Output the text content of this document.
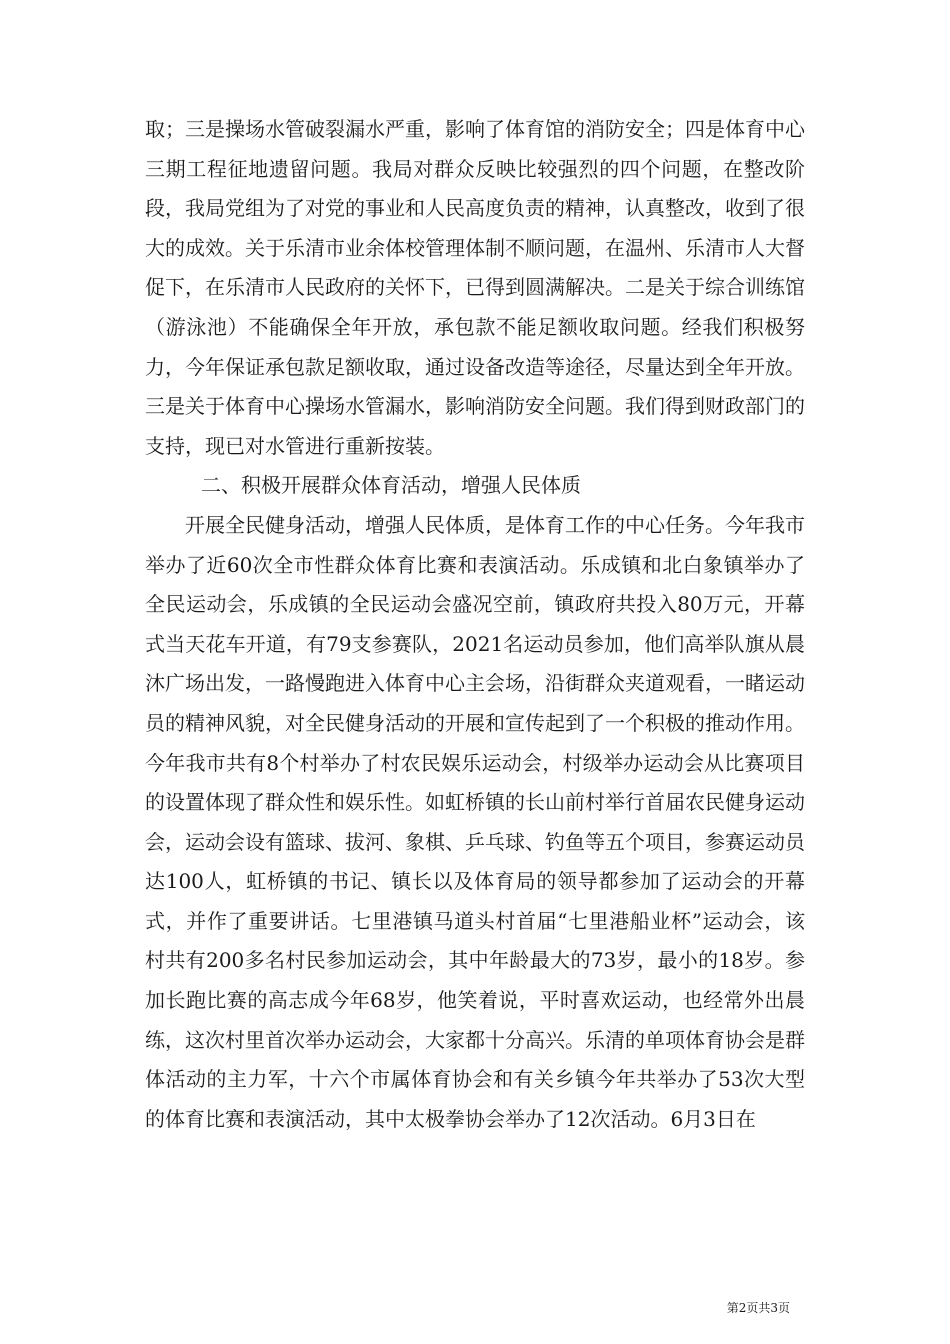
取；三是操场水管破裂漏水严重，影响了体育馆的消防安全；四是体育中心三期工程征地遗留问题。我局对群众反映比较强烈的四个问题，在整改阶段，我局党组为了对党的事业和人民高度负责的精神，认真整改，收到了很大的成效。关于乐清市业余体校管理体制不顺问题，在温州、乐清市人大督促下，在乐清市人民政府的关怀下，已得到圆满解决。二是关于综合训练馆（游泳池）不能确保全年开放，承包款不能足额收取问题。经我们积极努力，今年保证承包款足额收取，通过设备改造等途径，尽量达到全年开放。三是关于体育中心操场水管漏水，影响消防安全问题。我们得到财政部门的支持，现已对水管进行重新按装。

二、积极开展群众体育活动，增强人民体质

开展全民健身活动，增强人民体质，是体育工作的中心任务。今年我市举办了近60次全市性群众体育比赛和表演活动。乐成镇和北白象镇举办了全民运动会，乐成镇的全民运动会盛况空前，镇政府共投入80万元，开幕式当天花车开道，有79支参赛队，2021名运动员参加，他们高举队旗从晨沐广场出发，一路慢跑进入体育中心主会场，沿街群众夹道观看，一睹运动员的精神风貌，对全民健身活动的开展和宣传起到了一个积极的推动作用。今年我市共有8个村举办了村农民娱乐运动会，村级举办运动会从比赛项目的设置体现了群众性和娱乐性。如虹桥镇的长山前村举行首届农民健身运动会，运动会设有篮球、拔河、象棋、乒乓球、钓鱼等五个项目，参赛运动员达100人，虹桥镇的书记、镇长以及体育局的领导都参加了运动会的开幕式，并作了重要讲话。七里港镇马道头村首届“七里港船业杯”运动会，该村共有200多名村民参加运动会，其中年龄最大的73岁，最小的18岁。参加长跑比赛的高志成今年68岁，他笑着说，平时喜欢运动，也经常外出晨练，这次村里首次举办运动会，大家都十分高兴。乐清的单项体育协会是群体活动的主力军，十六个市属体育协会和有关乡镇今年共举办了53次大型的体育比赛和表演活动，其中太极拳协会举办了12次活动。6月3日在

第2页共3页
